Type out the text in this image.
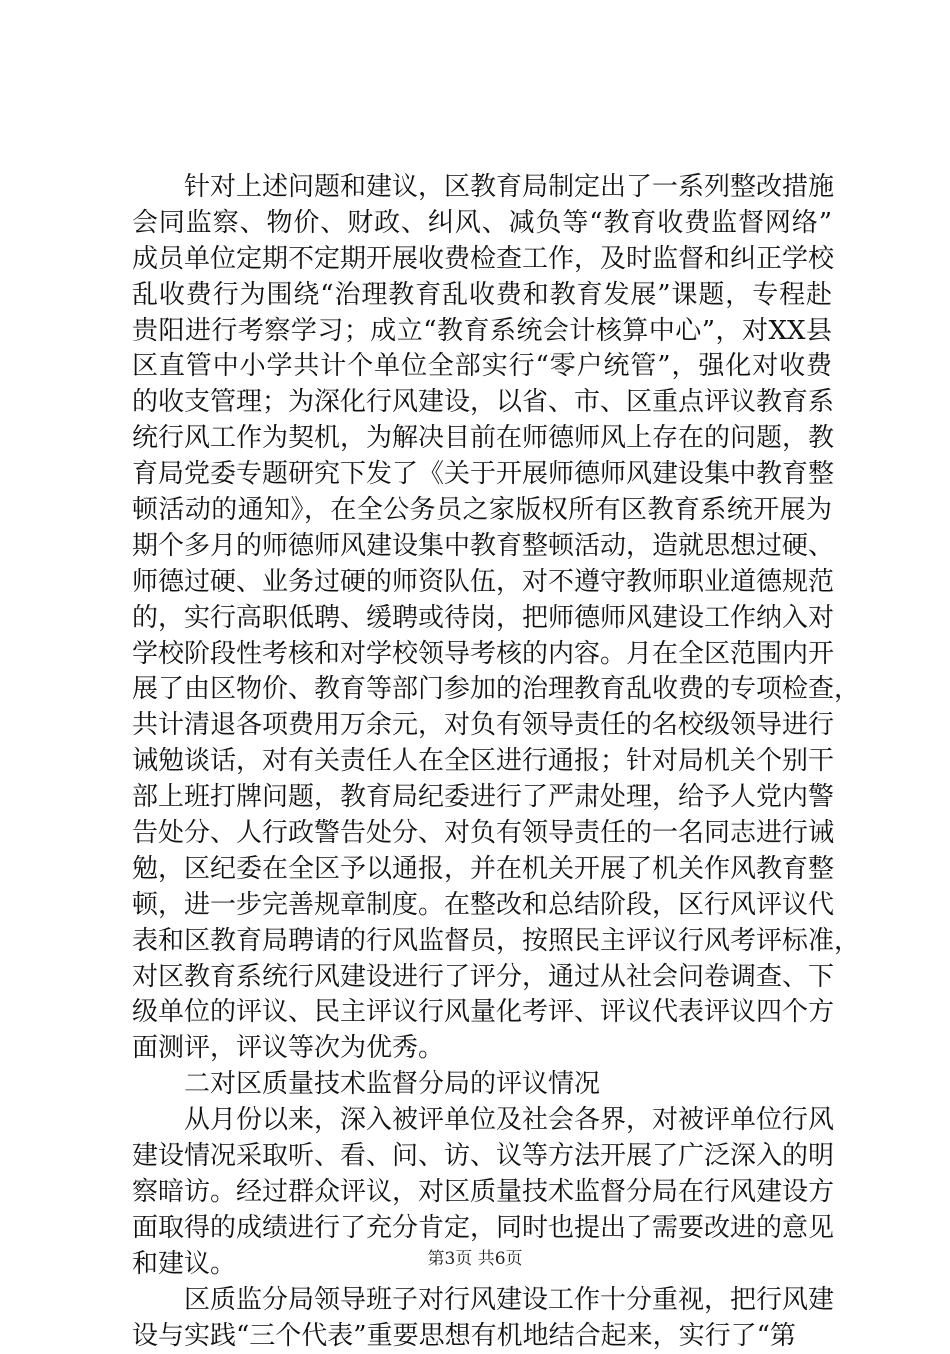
针对上述问题和建议，区教育局制定出了一系列整改措施
会同监察、物价、财政、纠风、减负等“教育收费监督网络”
成员单位定期不定期开展收费检查工作，及时监督和纠正学校
乱收费行为围绕“治理教育乱收费和教育发展”课题，专程赴
贵阳进行考察学习；成立“教育系统会计核算中心”，对XX县
区直管中小学共计个单位全部实行“零户统管”，强化对收费
的收支管理；为深化行风建设，以省、市、区重点评议教育系
统行风工作为契机，为解决目前在师德师风上存在的问题，教
育局党委专题研究下发了《关于开展师德师风建设集中教育整
顿活动的通知》，在全公务员之家版权所有区教育系统开展为
期个多月的师德师风建设集中教育整顿活动，造就思想过硬、
师德过硬、业务过硬的师资队伍，对不遵守教师职业道德规范
的，实行高职低聘、缓聘或待岗，把师德师风建设工作纳入对
学校阶段性考核和对学校领导考核的内容。月在全区范围内开
展了由区物价、教育等部门参加的治理教育乱收费的专项检查，
共计清退各项费用万余元，对负有领导责任的名校级领导进行
诫勉谈话，对有关责任人在全区进行通报；针对局机关个别干
部上班打牌问题，教育局纪委进行了严肃处理，给予人党内警
告处分、人行政警告处分、对负有领导责任的一名同志进行诫
勉，区纪委在全区予以通报，并在机关开展了机关作风教育整
顿，进一步完善规章制度。在整改和总结阶段，区行风评议代
表和区教育局聘请的行风监督员，按照民主评议行风考评标准，
对区教育系统行风建设进行了评分，通过从社会问卷调查、下
级单位的评议、民主评议行风量化考评、评议代表评议四个方
面测评，评议等次为优秀。
二对区质量技术监督分局的评议情况
从月份以来，深入被评单位及社会各界，对被评单位行风
建设情况采取听、看、问、访、议等方法开展了广泛深入的明
察暗访。经过群众评议，对区质量技术监督分局在行风建设方
面取得的成绩进行了充分肯定，同时也提出了需要改进的意见
和建议。
区质监分局领导班子对行风建设工作十分重视，把行风建
设与实践“三个代表”重要思想有机地结合起来，实行了“第
第3页 共6页
